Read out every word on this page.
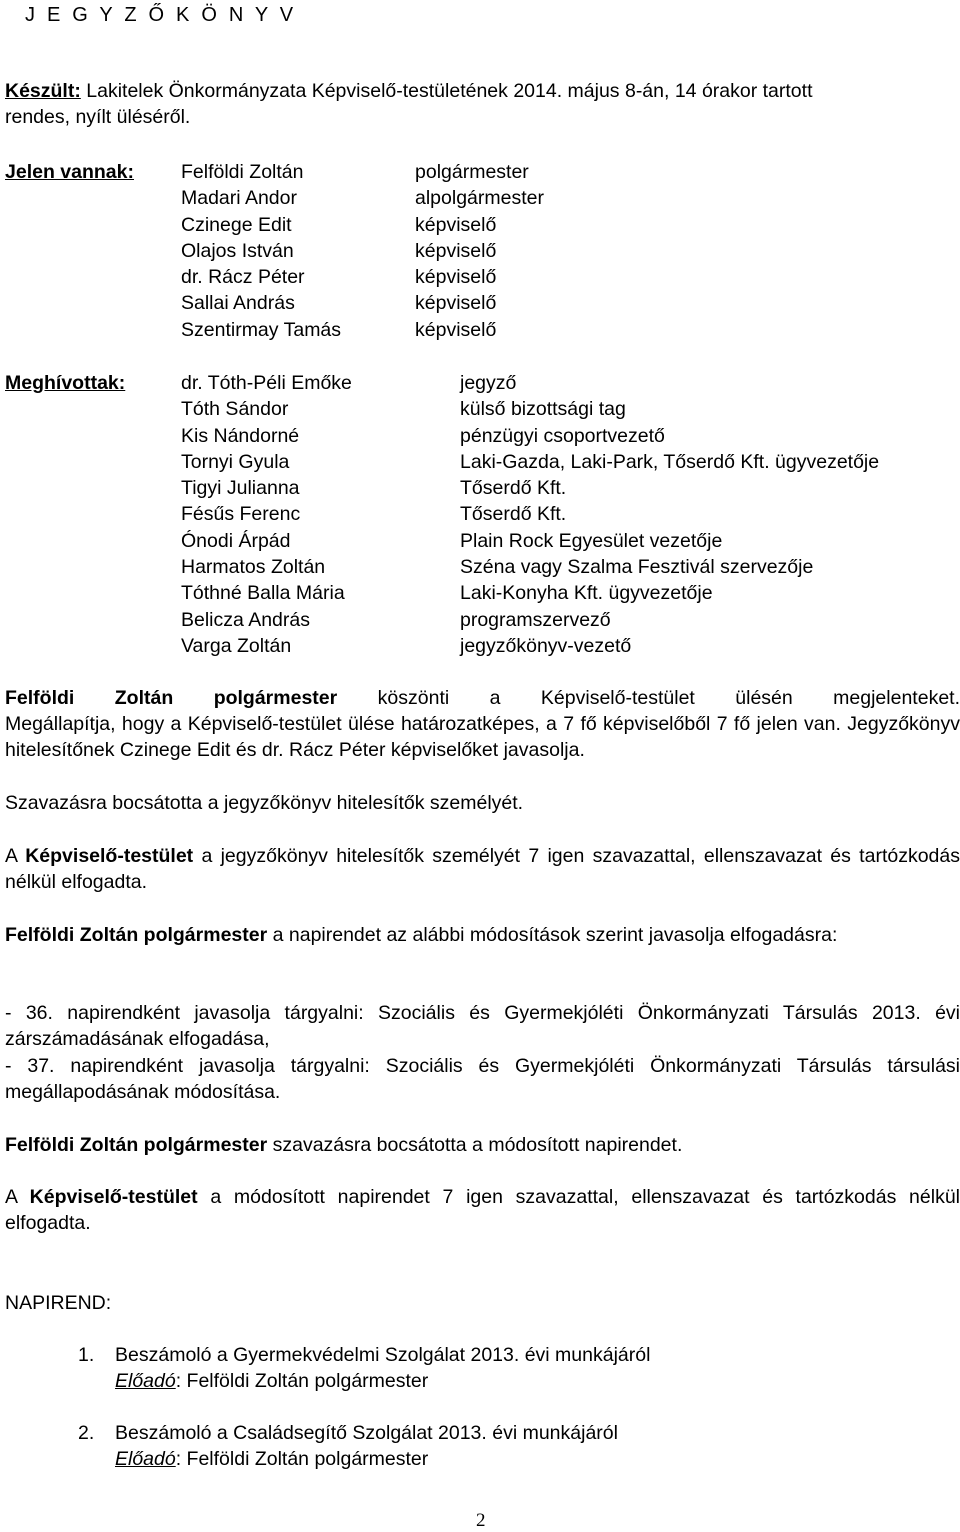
J E G Y Z Ő K Ö N Y V
Készült: Lakitelek Önkormányzata Képviselő-testületének 2014. május 8-án, 14 órakor tartott
rendes, nyílt üléséről.
Jelen vannak: Felföldi Zoltán

Madari Andor

Czinege Edit

Olajos István

dr. Rácz Péter

Sallai András

Szentirmay Tamás

polgármester

alpolgármester

képviselő

képviselő

képviselő

képviselő

képviselő

Meghívottak:	dr. Tóth-Péli Emőke

Tóth Sándor

Kis Nándorné

Tornyi Gyula

Tigyi Julianna

Fésűs Ferenc

Ónodi Árpád

Harmatos Zoltán

Tóthné Balla Mária

Belicza András

Varga Zoltán

jegyző

külső bizottsági tag

pénzügyi csoportvezető

Laki-Gazda, Laki-Park, Tőserdő Kft. ügyvezetője

Tőserdő Kft.

Tőserdő Kft.

Plain Rock Egyesület vezetője

Széna vagy Szalma Fesztivál szervezője

Laki-Konyha Kft. ügyvezetője

programszervező

jegyzőkönyv-vezető

Felföldi Zoltán polgármester köszönti a Képviselő-testület ülésén megjelenteket.
Megállapítja, hogy a Képviselő-testület ülése határozatképes, a 7 fő képviselőből 7 fő jelen van. Jegyzőkönyv hitelesítőnek Czinege Edit és dr. Rácz Péter képviselőket javasolja.
Szavazásra bocsátotta a jegyzőkönyv hitelesítők személyét.
A Képviselő-testület a jegyzőkönyv hitelesítők személyét 7 igen szavazattal, ellenszavazat és tartózkodás nélkül elfogadta.
Felföldi Zoltán polgármester a napirendet az alábbi módosítások szerint javasolja elfogadásra:
- 36. napirendként javasolja tárgyalni: Szociális és Gyermekjóléti Önkormányzati Társulás 2013. évi zárszámadásának elfogadása,
- 37. napirendként javasolja tárgyalni: Szociális és Gyermekjóléti Önkormányzati Társulás társulási megállapodásának módosítása.
Felföldi Zoltán polgármester szavazásra bocsátotta a módosított napirendet.
A Képviselő-testület a módosított napirendet 7 igen szavazattal, ellenszavazat és tartózkodás nélkül elfogadta.
NAPIREND:
1. Beszámoló a Gyermekvédelmi Szolgálat 2013. évi munkájáról
Előadó: Felföldi Zoltán polgármester
2. Beszámoló a Családsegítő Szolgálat 2013. évi munkájáról
Előadó: Felföldi Zoltán polgármester
2
